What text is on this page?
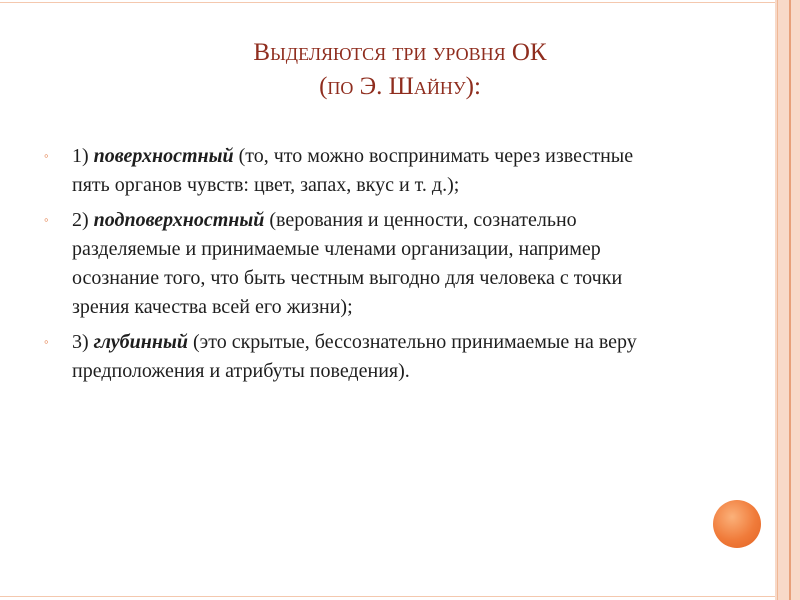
Выделяются три уровня ОК
(по Э. Шайну):
◦ 1) поверхностный (то, что можно воспринимать через известные пять органов чувств: цвет, запах, вкус и т. д.);
◦ 2) подповерхностный (верования и ценности, сознательно разделяемые и принимаемые членами организации, например осознание того, что быть честным выгодно для человека с точки зрения качества всей его жизни);
◦ 3) глубинный (это скрытые, бессознательно принимаемые на веру предположения и атрибуты поведения).
